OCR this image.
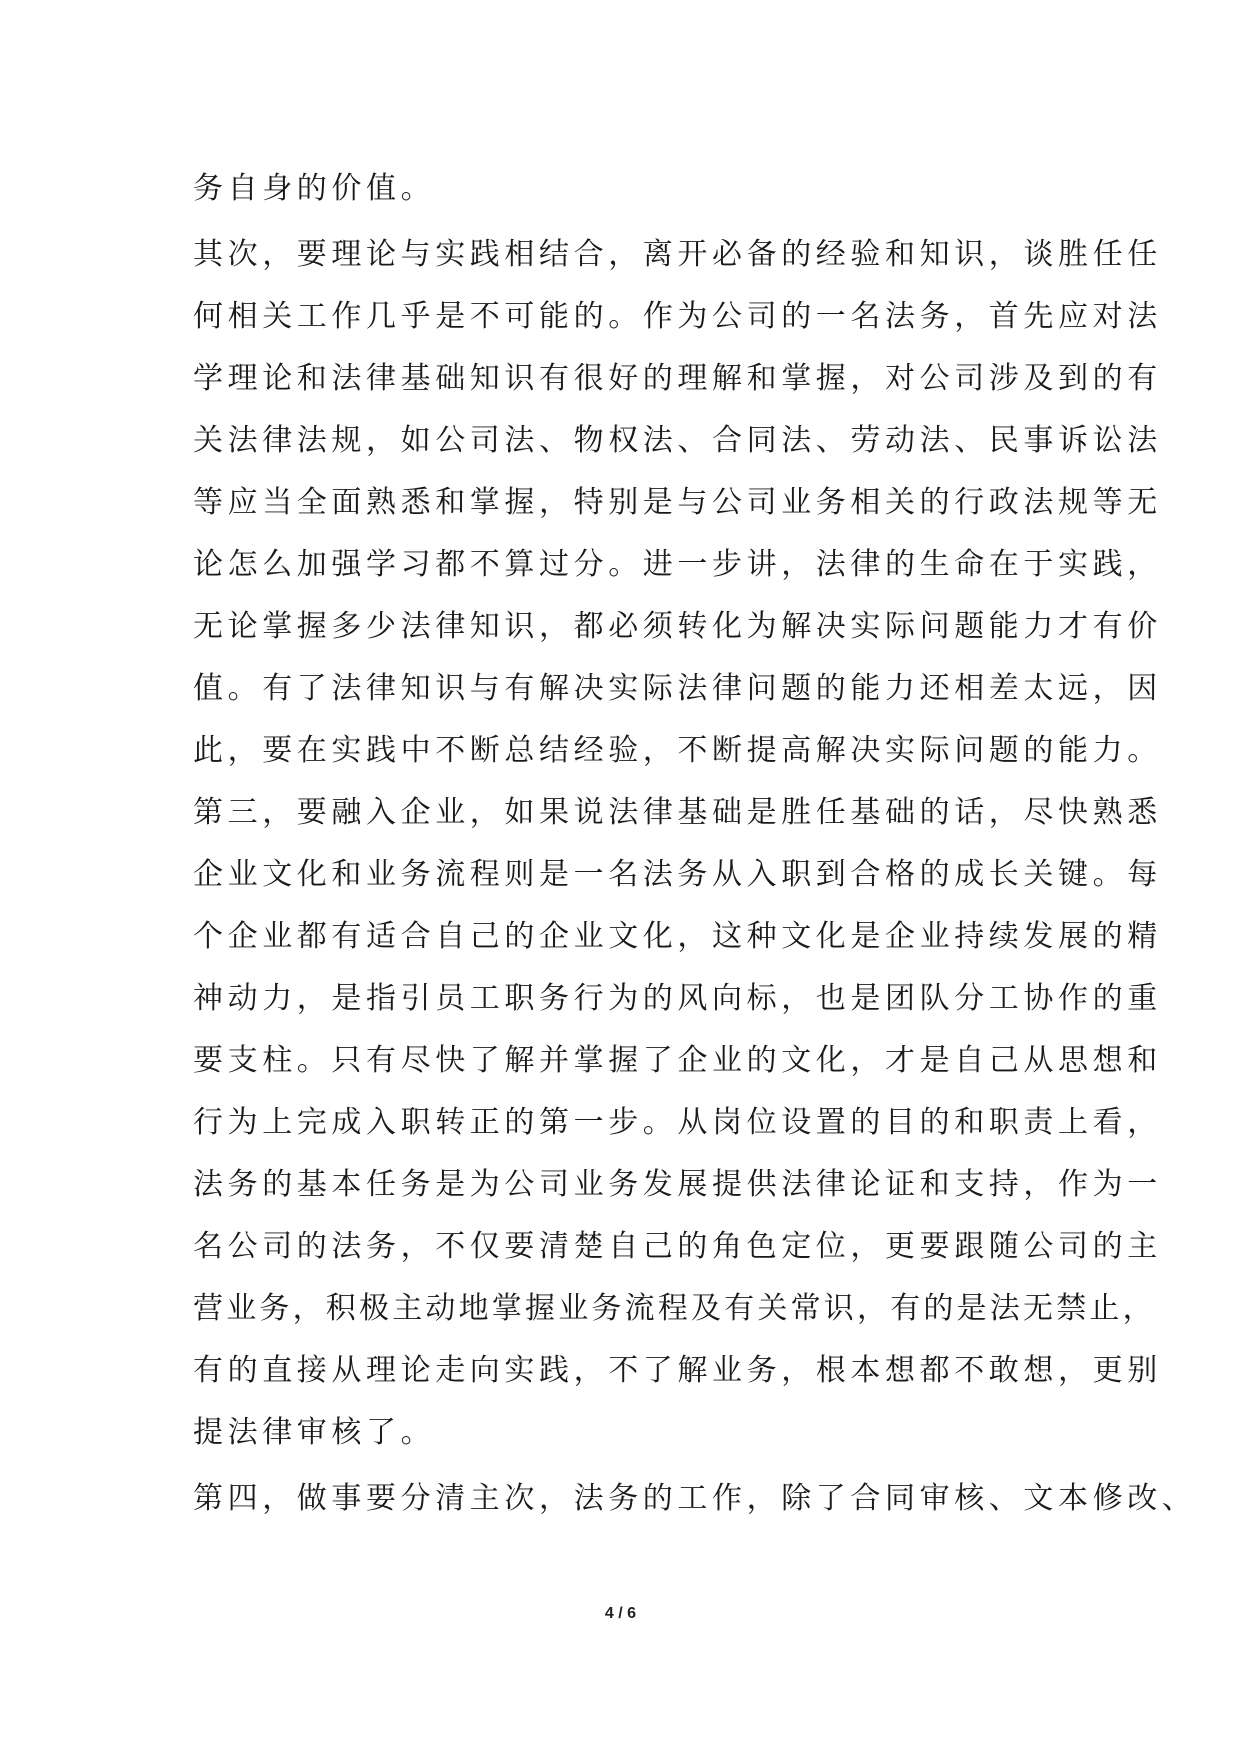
务自身的价值。
其次，要理论与实践相结合，离开必备的经验和知识，谈胜任任
何相关工作几乎是不可能的。作为公司的一名法务，首先应对法
学理论和法律基础知识有很好的理解和掌握，对公司涉及到的有
关法律法规，如公司法、物权法、合同法、劳动法、民事诉讼法
等应当全面熟悉和掌握，特别是与公司业务相关的行政法规等无
论怎么加强学习都不算过分。进一步讲，法律的生命在于实践，
无论掌握多少法律知识，都必须转化为解决实际问题能力才有价
值。有了法律知识与有解决实际法律问题的能力还相差太远，因
此，要在实践中不断总结经验，不断提高解决实际问题的能力。
第三，要融入企业，如果说法律基础是胜任基础的话，尽快熟悉
企业文化和业务流程则是一名法务从入职到合格的成长关键。每
个企业都有适合自己的企业文化，这种文化是企业持续发展的精
神动力，是指引员工职务行为的风向标，也是团队分工协作的重
要支柱。只有尽快了解并掌握了企业的文化，才是自己从思想和
行为上完成入职转正的第一步。从岗位设置的目的和职责上看，
法务的基本任务是为公司业务发展提供法律论证和支持，作为一
名公司的法务，不仅要清楚自己的角色定位，更要跟随公司的主
营业务，积极主动地掌握业务流程及有关常识，有的是法无禁止，
有的直接从理论走向实践，不了解业务，根本想都不敢想，更别
提法律审核了。
第四，做事要分清主次，法务的工作，除了合同审核、文本修改、
4 / 6
